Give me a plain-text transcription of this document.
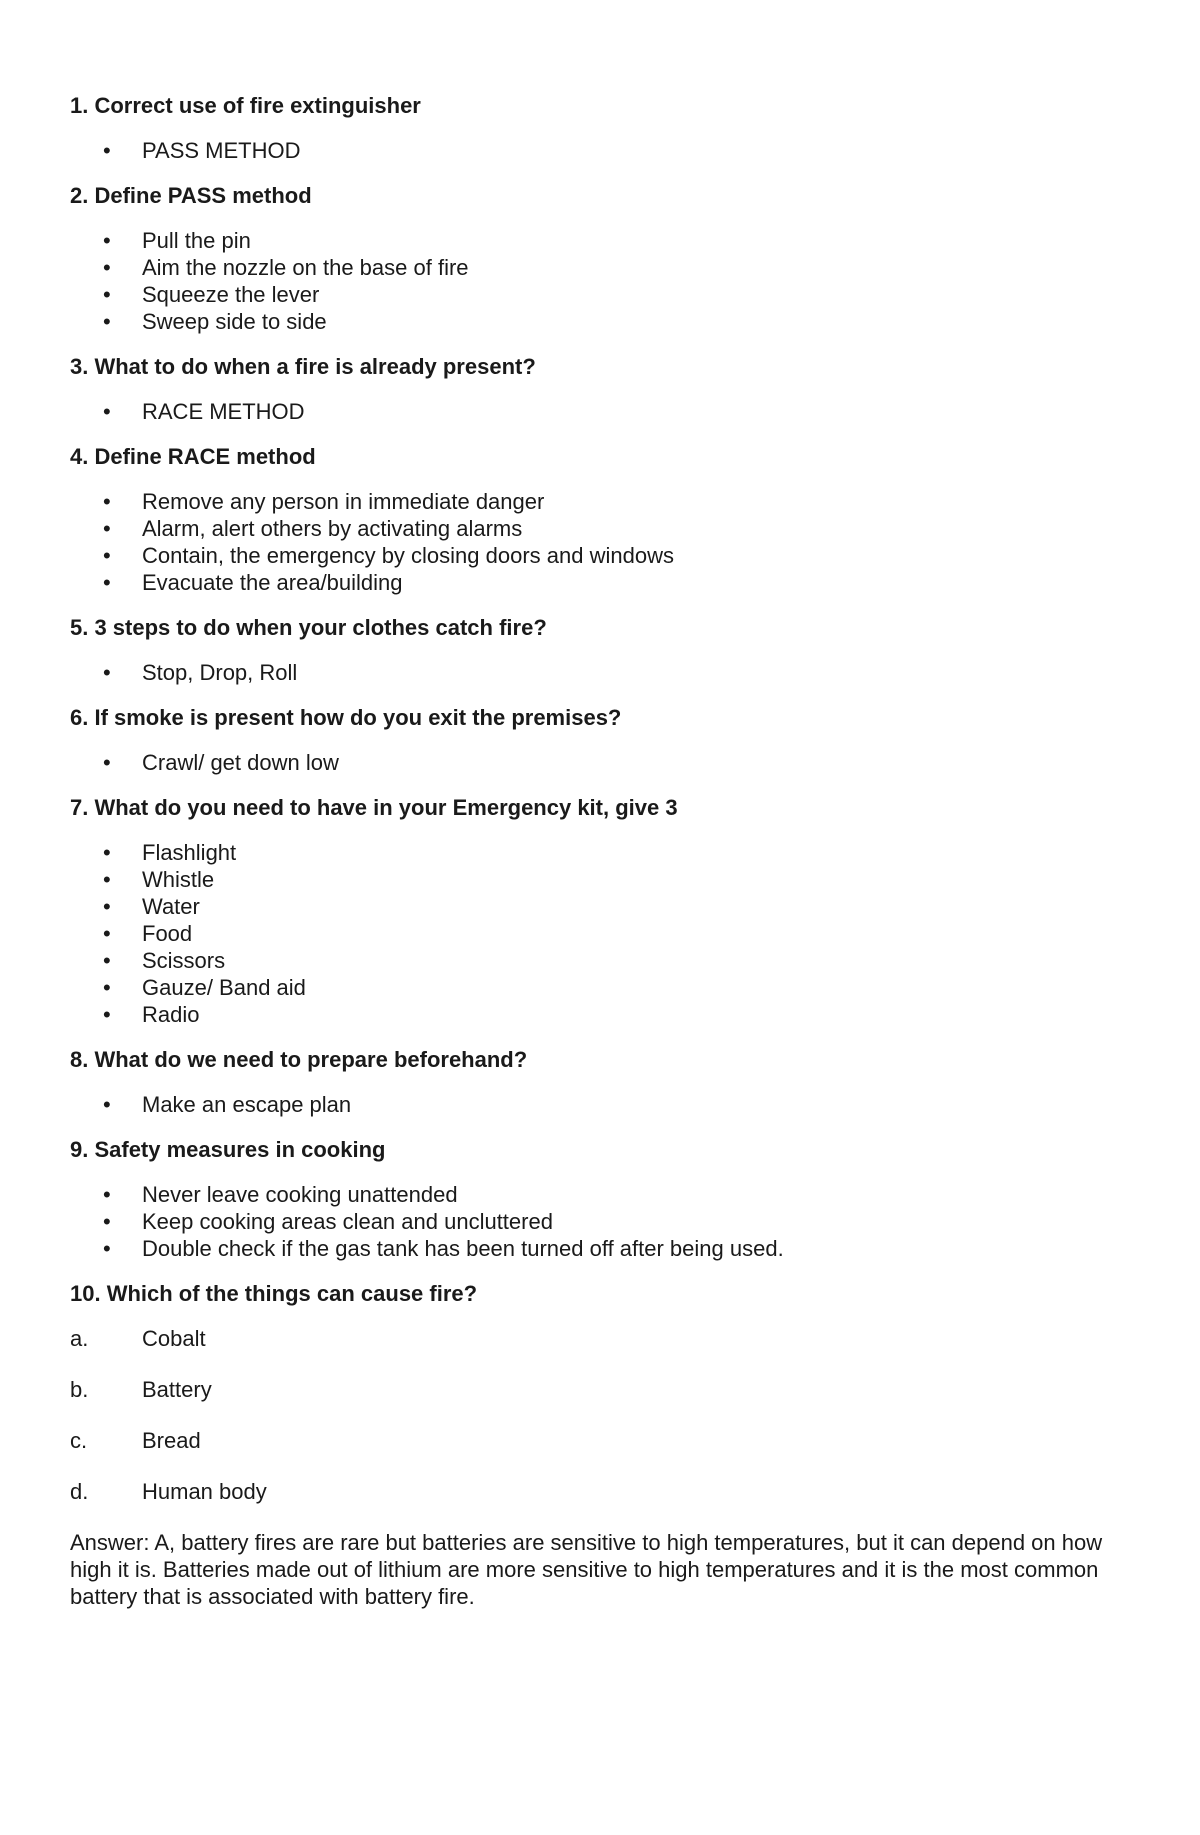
1. Correct use of fire extinguisher
• PASS METHOD
2. Define PASS method
• Pull the pin
• Aim the nozzle on the base of fire
• Squeeze the lever
• Sweep side to side
3. What to do when a fire is already present?
• RACE METHOD
4. Define RACE method
• Remove any person in immediate danger
• Alarm, alert others by activating alarms
• Contain, the emergency by closing doors and windows
• Evacuate the area/building
5. 3 steps to do when your clothes catch fire?
• Stop, Drop, Roll
6. If smoke is present how do you exit the premises?
• Crawl/ get down low
7. What do you need to have in your Emergency kit, give 3
• Flashlight
• Whistle
• Water
• Food
• Scissors
• Gauze/ Band aid
• Radio
8. What do we need to prepare beforehand?
• Make an escape plan
9. Safety measures in cooking
• Never leave cooking unattended
• Keep cooking areas clean and uncluttered
• Double check if the gas tank has been turned off after being used.
10. Which of the things can cause fire?
a.	Cobalt
b.	Battery
c.	Bread
d.	Human body

Answer: A, battery fires are rare but batteries are sensitive to high temperatures, but it can depend on how high it is. Batteries made out of lithium are more sensitive to high temperatures and it is the most common battery that is associated with battery fire.
